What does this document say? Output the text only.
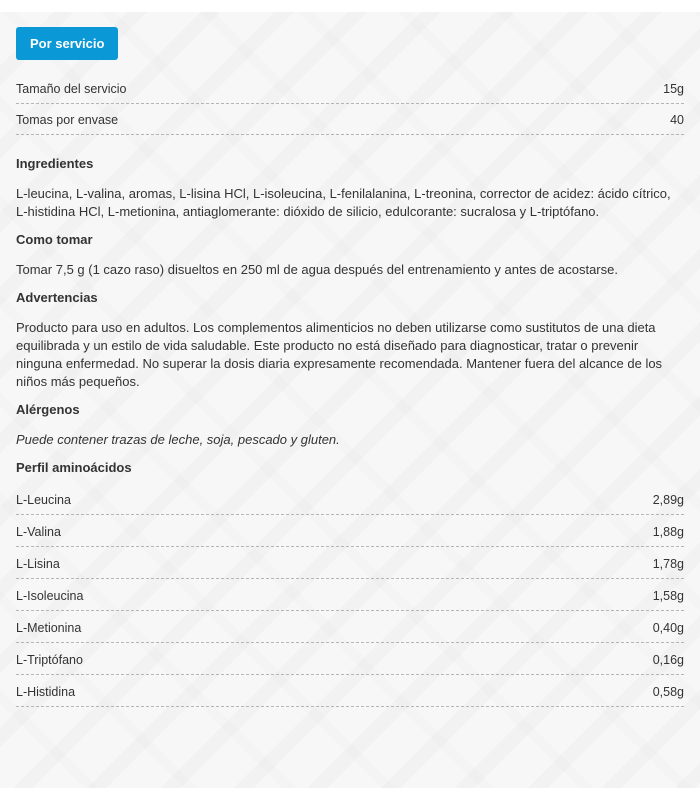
Por servicio
Tamaño del servicio	15g
Tomas por envase	40
Ingredientes

L-leucina, L-valina, aromas, L-lisina HCl, L-isoleucina, L-fenilalanina, L-treonina, corrector de acidez: ácido cítrico, L-histidina HCl, L-metionina, antiaglomerante: dióxido de silicio, edulcorante: sucralosa y L-triptófano.

Como tomar

Tomar 7,5 g (1 cazo raso) disueltos en 250 ml de agua después del entrenamiento y antes de acostarse.

Advertencias

Producto para uso en adultos. Los complementos alimenticios no deben utilizarse como sustitutos de una dieta equilibrada y un estilo de vida saludable. Este producto no está diseñado para diagnosticar, tratar o prevenir ninguna enfermedad. No superar la dosis diaria expresamente recomendada. Mantener fuera del alcance de los niños más pequeños.

Alérgenos

Puede contener trazas de leche, soja, pescado y gluten.

Perfil aminoácidos
L-Leucina	2,89g
L-Valina	1,88g
L-Lisina	1,78g
L-Isoleucina	1,58g
L-Metionina	0,40g
L-Triptófano	0,16g
L-Histidina	0,58g
